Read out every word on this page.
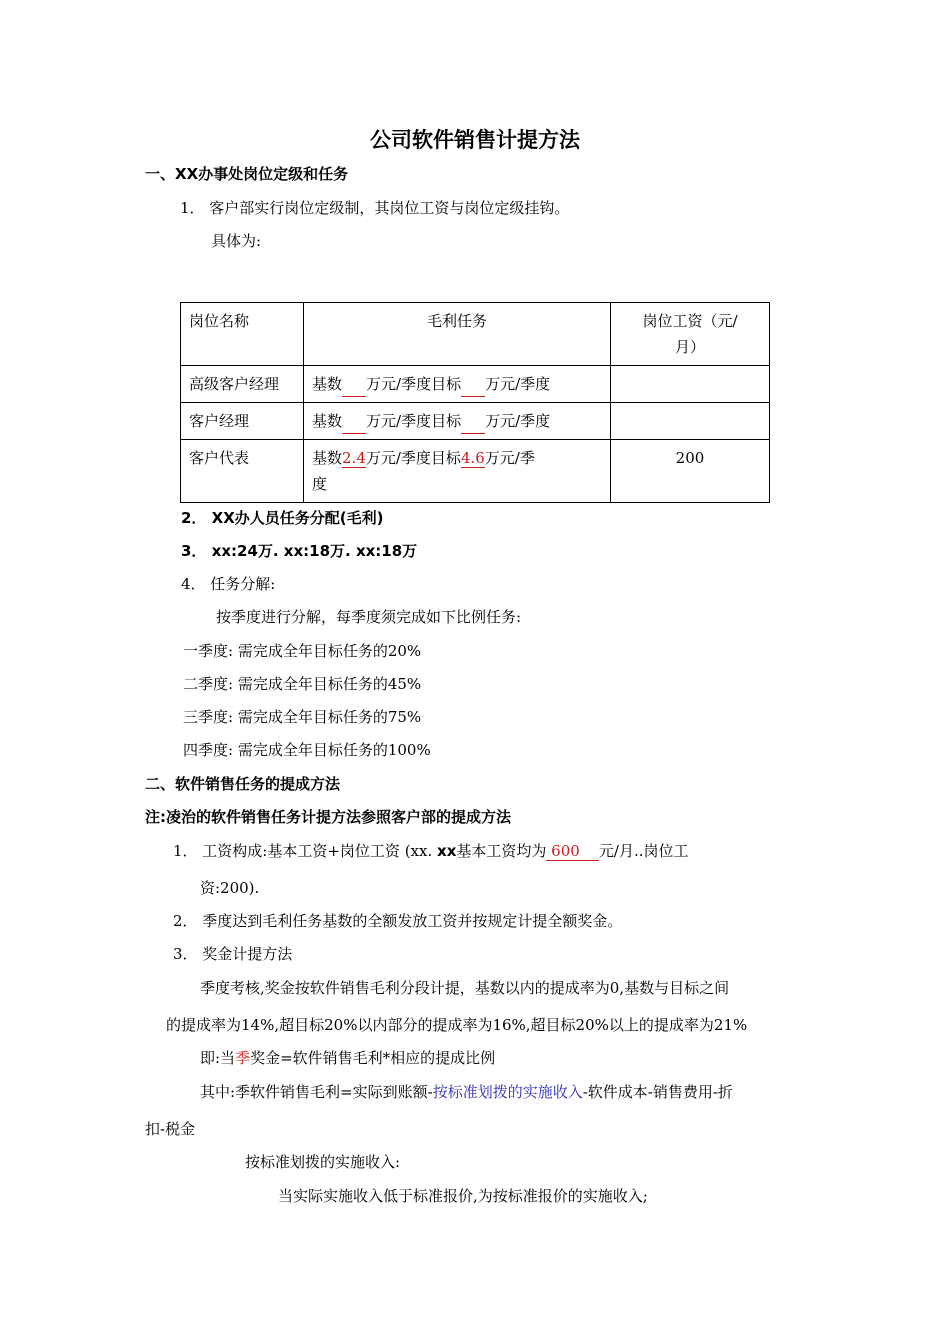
公司软件销售计提方法
一、XX办事处岗位定级和任务
1． 客户部实行岗位定级制，其岗位工资与岗位定级挂钩。
具体为:
岗位名称	毛利任务	岗位工资（元/
月）
高级客户经理	基数 万元/季度目标 万元/季度	
客户经理	基数 万元/季度目标 万元/季度	
客户代表	基数2.4万元/季度目标4.6万元/季
度	200
2． XX办人员任务分配(毛利)
3． xx:24万. xx:18万. xx:18万
4． 任务分解:
按季度进行分解，每季度须完成如下比例任务:
一季度: 需完成全年目标任务的20%
二季度: 需完成全年目标任务的45%
三季度: 需完成全年目标任务的75%
四季度: 需完成全年目标任务的100%
二、软件销售任务的提成方法
注:凌治的软件销售任务计提方法参照客户部的提成方法
1． 工资构成:基本工资+岗位工资 (xx. xx基本工资均为 600    元/月..岗位工
资:200).
2． 季度达到毛利任务基数的全额发放工资并按规定计提全额奖金。
3． 奖金计提方法
季度考核,奖金按软件销售毛利分段计提，基数以内的提成率为0,基数与目标之间
的提成率为14%,超目标20%以内部分的提成率为16%,超目标20%以上的提成率为21%
即:当季奖金=软件销售毛利*相应的提成比例
其中:季软件销售毛利=实际到账额-按标准划拨的实施收入-软件成本-销售费用-折
扣-税金
按标准划拨的实施收入:
当实际实施收入低于标准报价,为按标准报价的实施收入;
